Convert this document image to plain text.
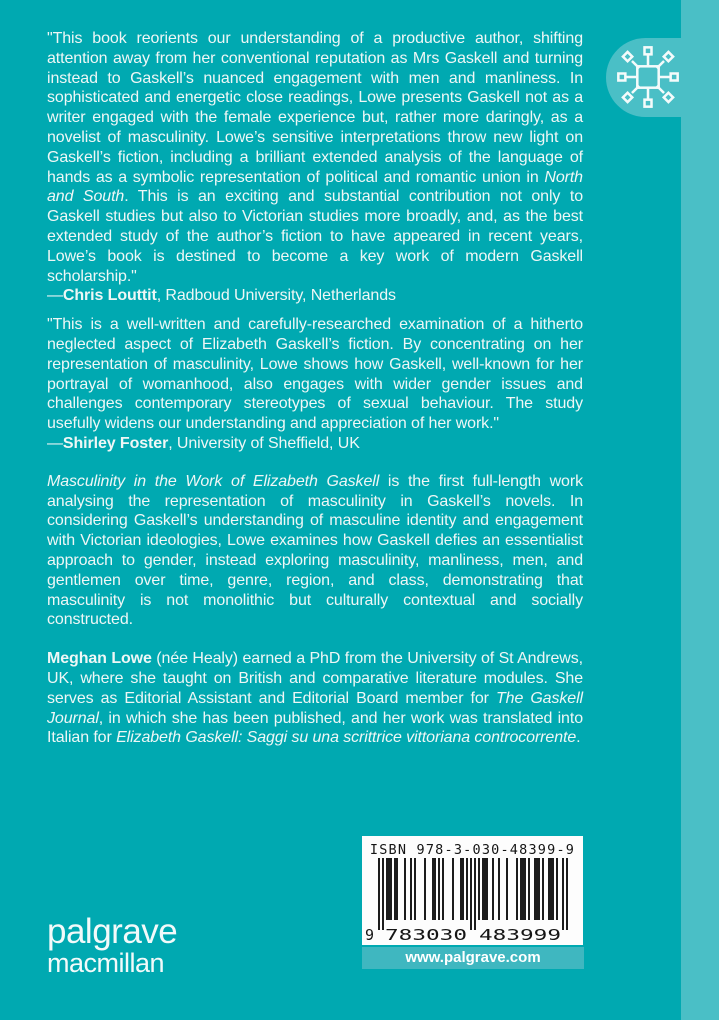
"This book reorients our understanding of a productive author, shifting attention away from her conventional reputation as Mrs Gaskell and turning instead to Gaskell’s nuanced engagement with men and manliness. In sophisticated and energetic close readings, Lowe presents Gaskell not as a writer engaged with the female experience but, rather more daringly, as a novelist of masculinity. Lowe’s sensitive interpretations throw new light on Gaskell’s fiction, including a brilliant extended analysis of the language of hands as a symbolic representation of political and romantic union in North and South. This is an exciting and substantial contribution not only to Gaskell studies but also to Victorian studies more broadly, and, as the best extended study of the author’s fiction to have appeared in recent years, Lowe’s book is destined to become a key work of modern Gaskell scholarship."

—Chris Louttit, Radboud University, Netherlands

"This is a well-written and carefully-researched examination of a hitherto neglected aspect of Elizabeth Gaskell’s fiction. By concentrating on her representation of masculinity, Lowe shows how Gaskell, well-known for her portrayal of womanhood, also engages with wider gender issues and challenges contemporary stereotypes of sexual behaviour. The study usefully widens our understanding and appreciation of her work."

—Shirley Foster, University of Sheffield, UK

Masculinity in the Work of Elizabeth Gaskell is the first full-length work analysing the representation of masculinity in Gaskell’s novels. In considering Gaskell’s understanding of masculine identity and engagement with Victorian ideologies, Lowe examines how Gaskell defies an essentialist approach to gender, instead exploring masculinity, manliness, men, and gentlemen over time, genre, region, and class, demonstrating that masculinity is not monolithic but culturally contextual and socially constructed.

Meghan Lowe (née Healy) earned a PhD from the University of St Andrews, UK, where she taught on British and comparative literature modules. She serves as Editorial Assistant and Editorial Board member for The Gaskell Journal, in which she has been published, and her work was translated into Italian for Elizabeth Gaskell: Saggi su una scrittrice vittoriana controcorrente.

ISBN 978-3-030-48399-9
9 783030 483999
www.palgrave.com
palgrave
macmillan
